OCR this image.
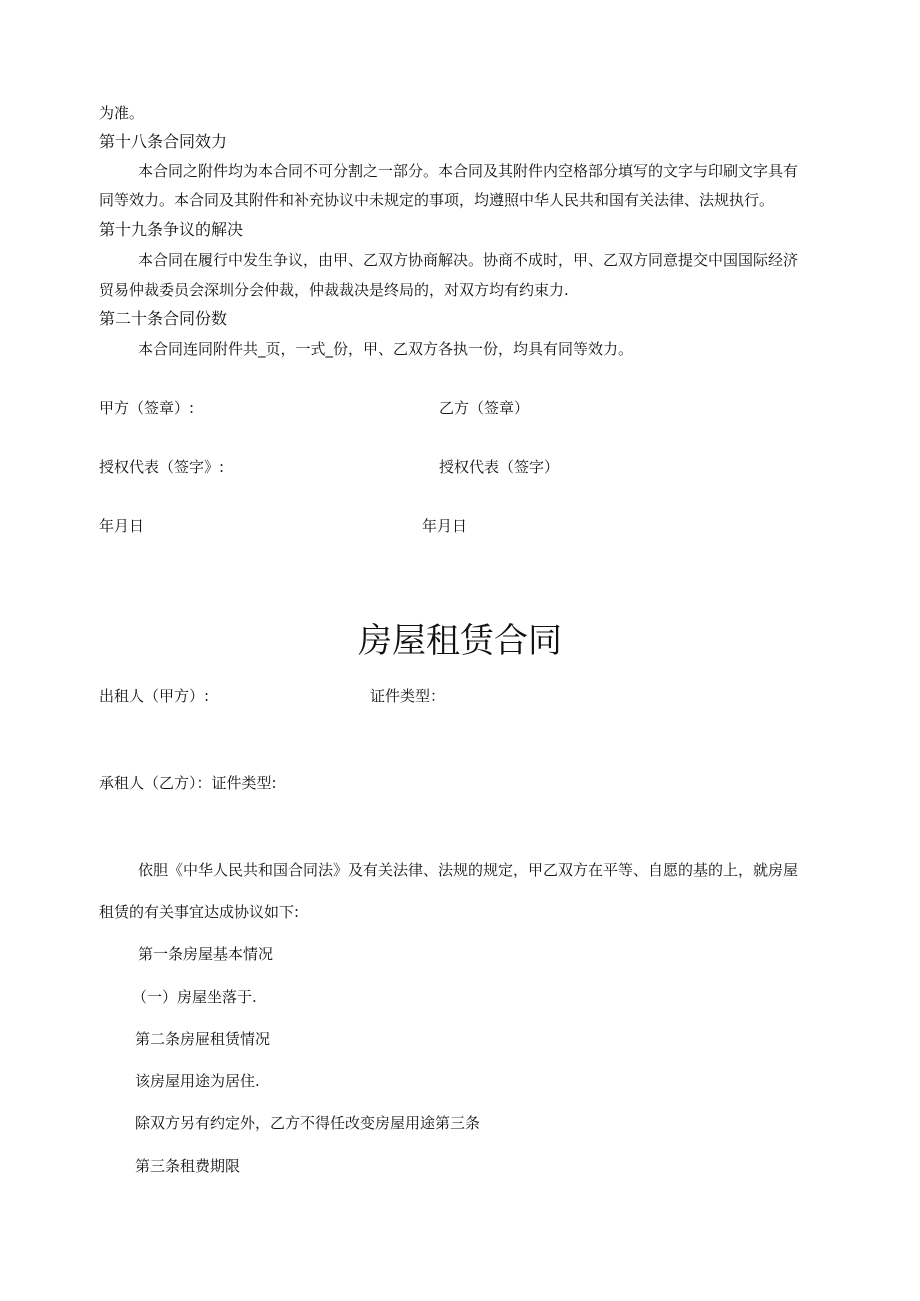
为准。

第十八条合同效力

本合同之附件均为本合同不可分割之一部分。本合同及其附件内空格部分填写的文字与印刷文字具有

同等效力。本合同及其附件和补充协议中未规定的事项，均遵照中华人民共和国有关法律、法规执行。

第十九条争议的解决

本合同在履行中发生争议，由甲、乙双方协商解决。协商不成时，甲、乙双方同意提交中国国际经济

贸易仲裁委员会深圳分会仲裁，仲裁裁决是终局的，对双方均有约束力.

第二十条合同份数

本合同连同附件共_页，一式_份，甲、乙双方各执一份，均具有同等效力。

甲方（签章）:	乙方（签章）

授权代表（签字》:	授权代表（签字）

年月日	年月日

房屋租赁合同

出租人（甲方）:	证件类型：

承租人（乙方）：证件类型:

依胆《中华人民共和国合同法》及有关法律、法规的规定，甲乙双方在平等、自愿的基的上，就房屋

租赁的有关事宜达成协议如下:

第一条房屋基本情况

（一）房屋坐落于.

第二条房屉租赁情况

该房屋用途为居住.

除双方另有约定外，乙方不得任改变房屋用途第三条

第三条租费期限
